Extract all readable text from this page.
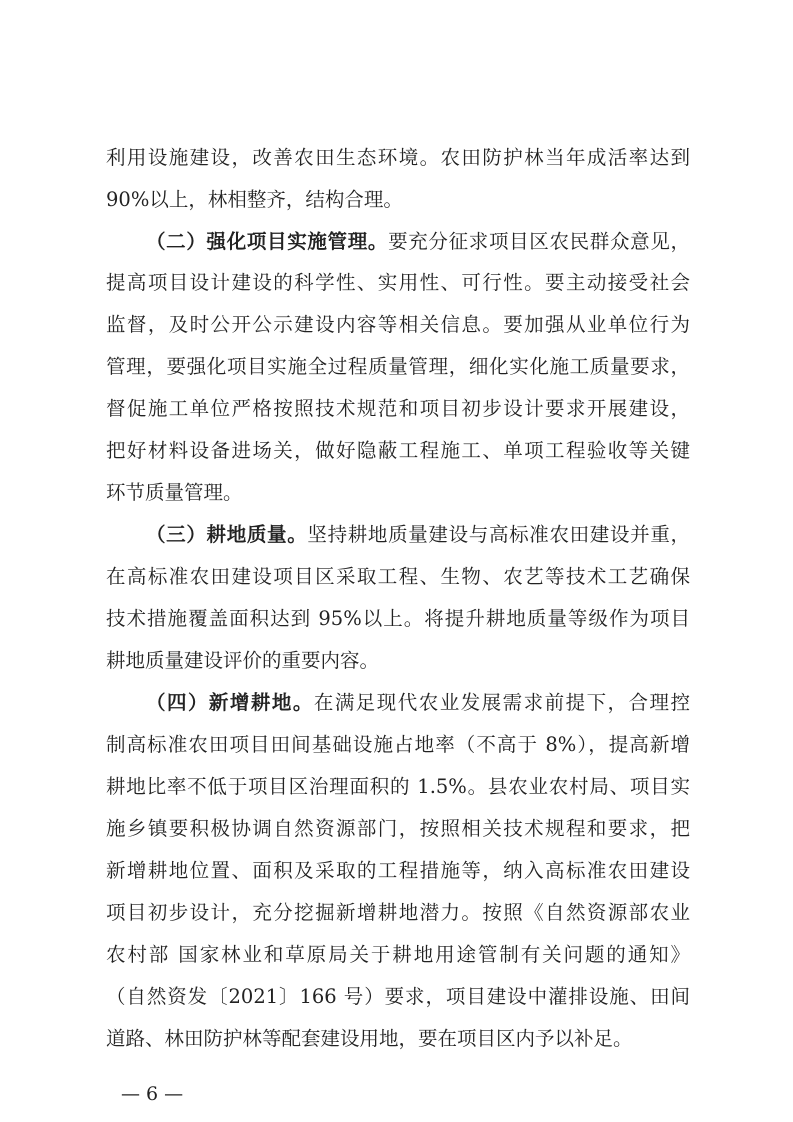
利用设施建设，改善农田生态环境。农田防护林当年成活率达到
90%以上，林相整齐，结构合理。
（二）强化项目实施管理。要充分征求项目区农民群众意见，
提高项目设计建设的科学性、实用性、可行性。要主动接受社会
监督，及时公开公示建设内容等相关信息。要加强从业单位行为
管理，要强化项目实施全过程质量管理，细化实化施工质量要求，
督促施工单位严格按照技术规范和项目初步设计要求开展建设，
把好材料设备进场关，做好隐蔽工程施工、单项工程验收等关键
环节质量管理。
（三）耕地质量。坚持耕地质量建设与高标准农田建设并重，
在高标准农田建设项目区采取工程、生物、农艺等技术工艺确保
技术措施覆盖面积达到 95%以上。将提升耕地质量等级作为项目
耕地质量建设评价的重要内容。
（四）新增耕地。在满足现代农业发展需求前提下，合理控
制高标准农田项目田间基础设施占地率（不高于 8%），提高新增
耕地比率不低于项目区治理面积的 1.5%。县农业农村局、项目实
施乡镇要积极协调自然资源部门，按照相关技术规程和要求，把
新增耕地位置、面积及采取的工程措施等，纳入高标准农田建设
项目初步设计，充分挖掘新增耕地潜力。按照《自然资源部农业
农村部 国家林业和草原局关于耕地用途管制有关问题的通知》
（自然资发〔2021〕166 号）要求，项目建设中灌排设施、田间
道路、林田防护林等配套建设用地，要在项目区内予以补足。
— 6 —
